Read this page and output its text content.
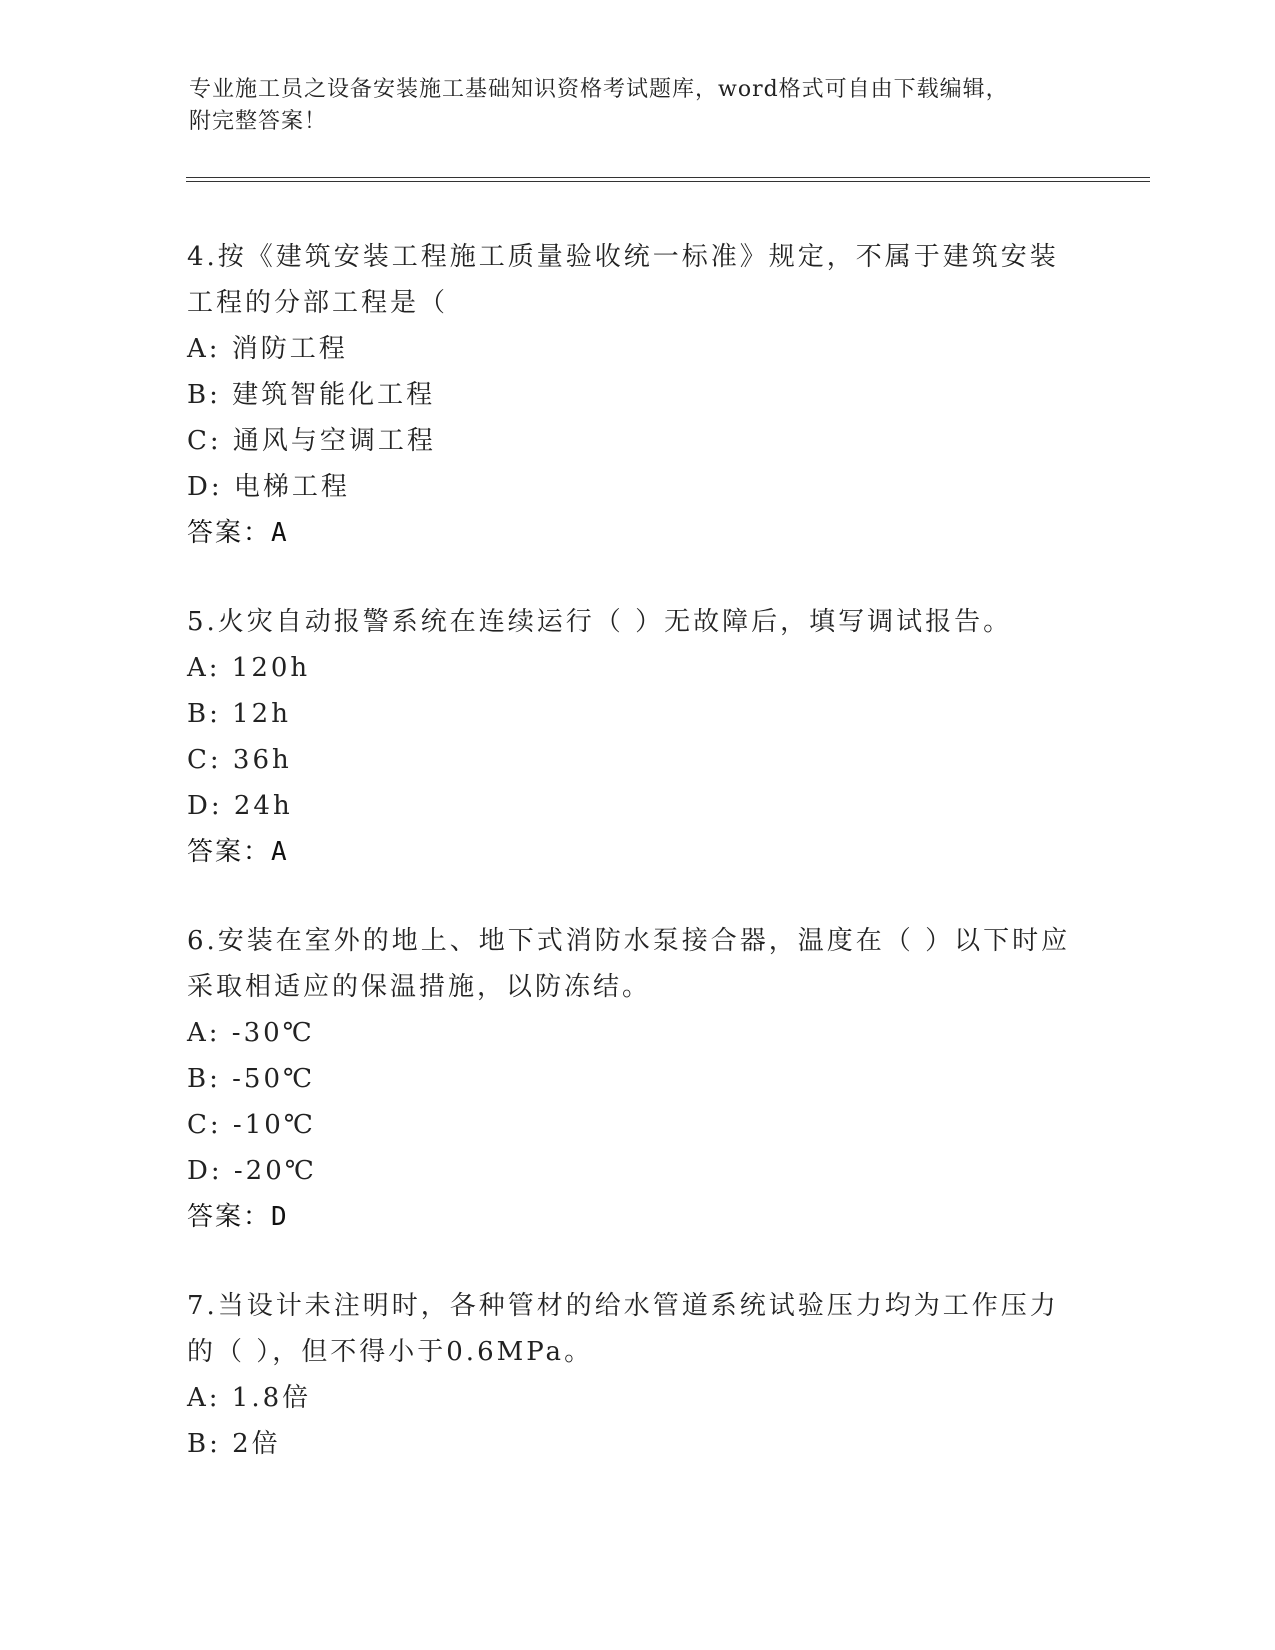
专业施工员之设备安装施工基础知识资格考试题库，word格式可自由下载编辑，
附完整答案！

4.按《建筑安装工程施工质量验收统一标准》规定，不属于建筑安装

工程的分部工程是（

A: 消防工程

B: 建筑智能化工程

C: 通风与空调工程

D: 电梯工程

答案：A

5.火灾自动报警系统在连续运行（ ）无故障后，填写调试报告。

A: 120h

B: 12h

C: 36h

D: 24h

答案：A

6.安装在室外的地上、地下式消防水泵接合器，温度在（ ）以下时应

采取相适应的保温措施，以防冻结。

A: -30℃

B: -50℃

C: -10℃

D: -20℃

答案：D

7.当设计未注明时，各种管材的给水管道系统试验压力均为工作压力

的（ ），但不得小于0.6MPa。

A: 1.8倍

B: 2倍
